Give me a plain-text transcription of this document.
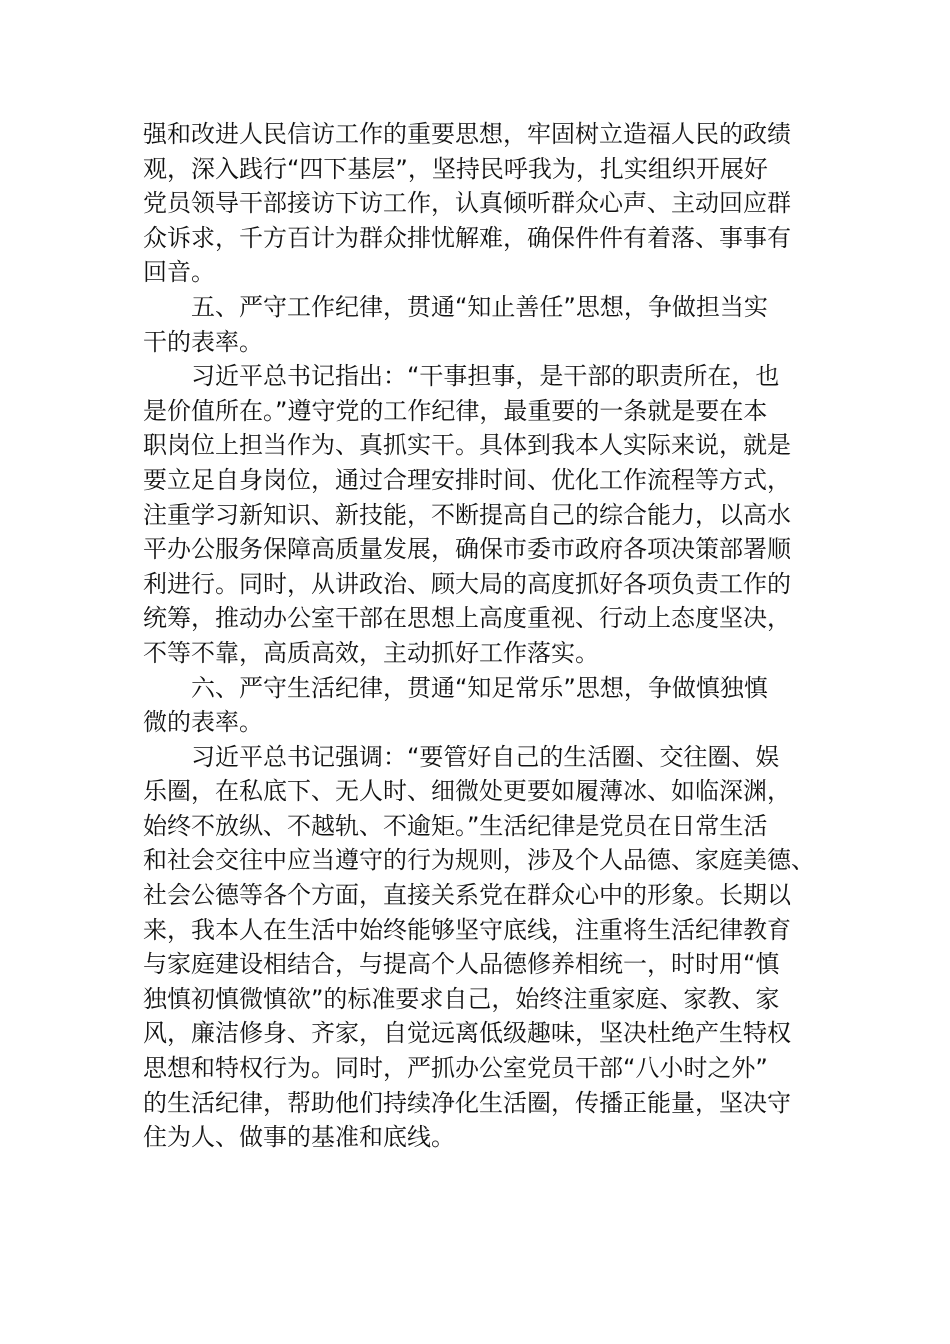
强和改进人民信访工作的重要思想，牢固树立造福人民的政绩
观，深入践行“四下基层”，坚持民呼我为，扎实组织开展好
党员领导干部接访下访工作，认真倾听群众心声、主动回应群
众诉求，千方百计为群众排忧解难，确保件件有着落、事事有
回音。
五、严守工作纪律，贯通“知止善任”思想，争做担当实
干的表率。
习近平总书记指出：“干事担事，是干部的职责所在，也
是价值所在。”遵守党的工作纪律，最重要的一条就是要在本
职岗位上担当作为、真抓实干。具体到我本人实际来说，就是
要立足自身岗位，通过合理安排时间、优化工作流程等方式，
注重学习新知识、新技能，不断提高自己的综合能力，以高水
平办公服务保障高质量发展，确保市委市政府各项决策部署顺
利进行。同时，从讲政治、顾大局的高度抓好各项负责工作的
统筹，推动办公室干部在思想上高度重视、行动上态度坚决，
不等不靠，高质高效，主动抓好工作落实。
六、严守生活纪律，贯通“知足常乐”思想，争做慎独慎
微的表率。
习近平总书记强调：“要管好自己的生活圈、交往圈、娱
乐圈，在私底下、无人时、细微处更要如履薄冰、如临深渊，
始终不放纵、不越轨、不逾矩。”生活纪律是党员在日常生活
和社会交往中应当遵守的行为规则，涉及个人品德、家庭美德、
社会公德等各个方面，直接关系党在群众心中的形象。长期以
来，我本人在生活中始终能够坚守底线，注重将生活纪律教育
与家庭建设相结合，与提高个人品德修养相统一，时时用“慎
独慎初慎微慎欲”的标准要求自己，始终注重家庭、家教、家
风，廉洁修身、齐家，自觉远离低级趣味，坚决杜绝产生特权
思想和特权行为。同时，严抓办公室党员干部“八小时之外”
的生活纪律，帮助他们持续净化生活圈，传播正能量，坚决守
住为人、做事的基准和底线。
